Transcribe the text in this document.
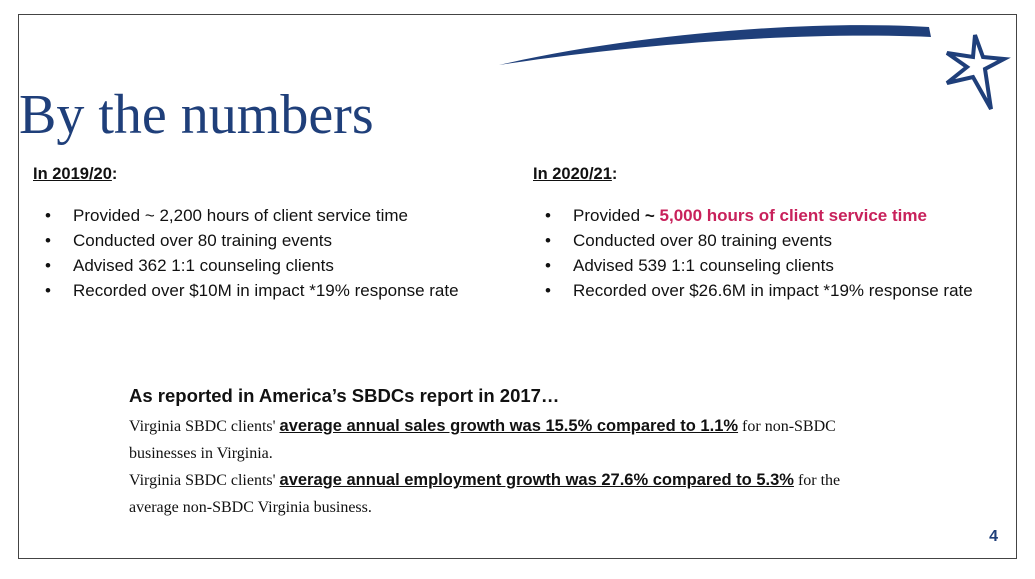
By the numbers
In 2019/20:
• Provided ~ 2,200 hours of client service time
• Conducted over 80 training events
• Advised 362 1:1 counseling clients
• Recorded over $10M in impact *19% response rate
In 2020/21:
• Provided ~ 5,000 hours of client service time
• Conducted over 80 training events
• Advised 539 1:1 counseling clients
• Recorded over $26.6M in impact *19% response rate
As reported in America’s SBDCs report in 2017…

Virginia SBDC clients' average annual sales growth was 15.5% compared to 1.1% for non-SBDC businesses in Virginia.

Virginia SBDC clients' average annual employment growth was 27.6% compared to 5.3% for the average non-SBDC Virginia business.

4
